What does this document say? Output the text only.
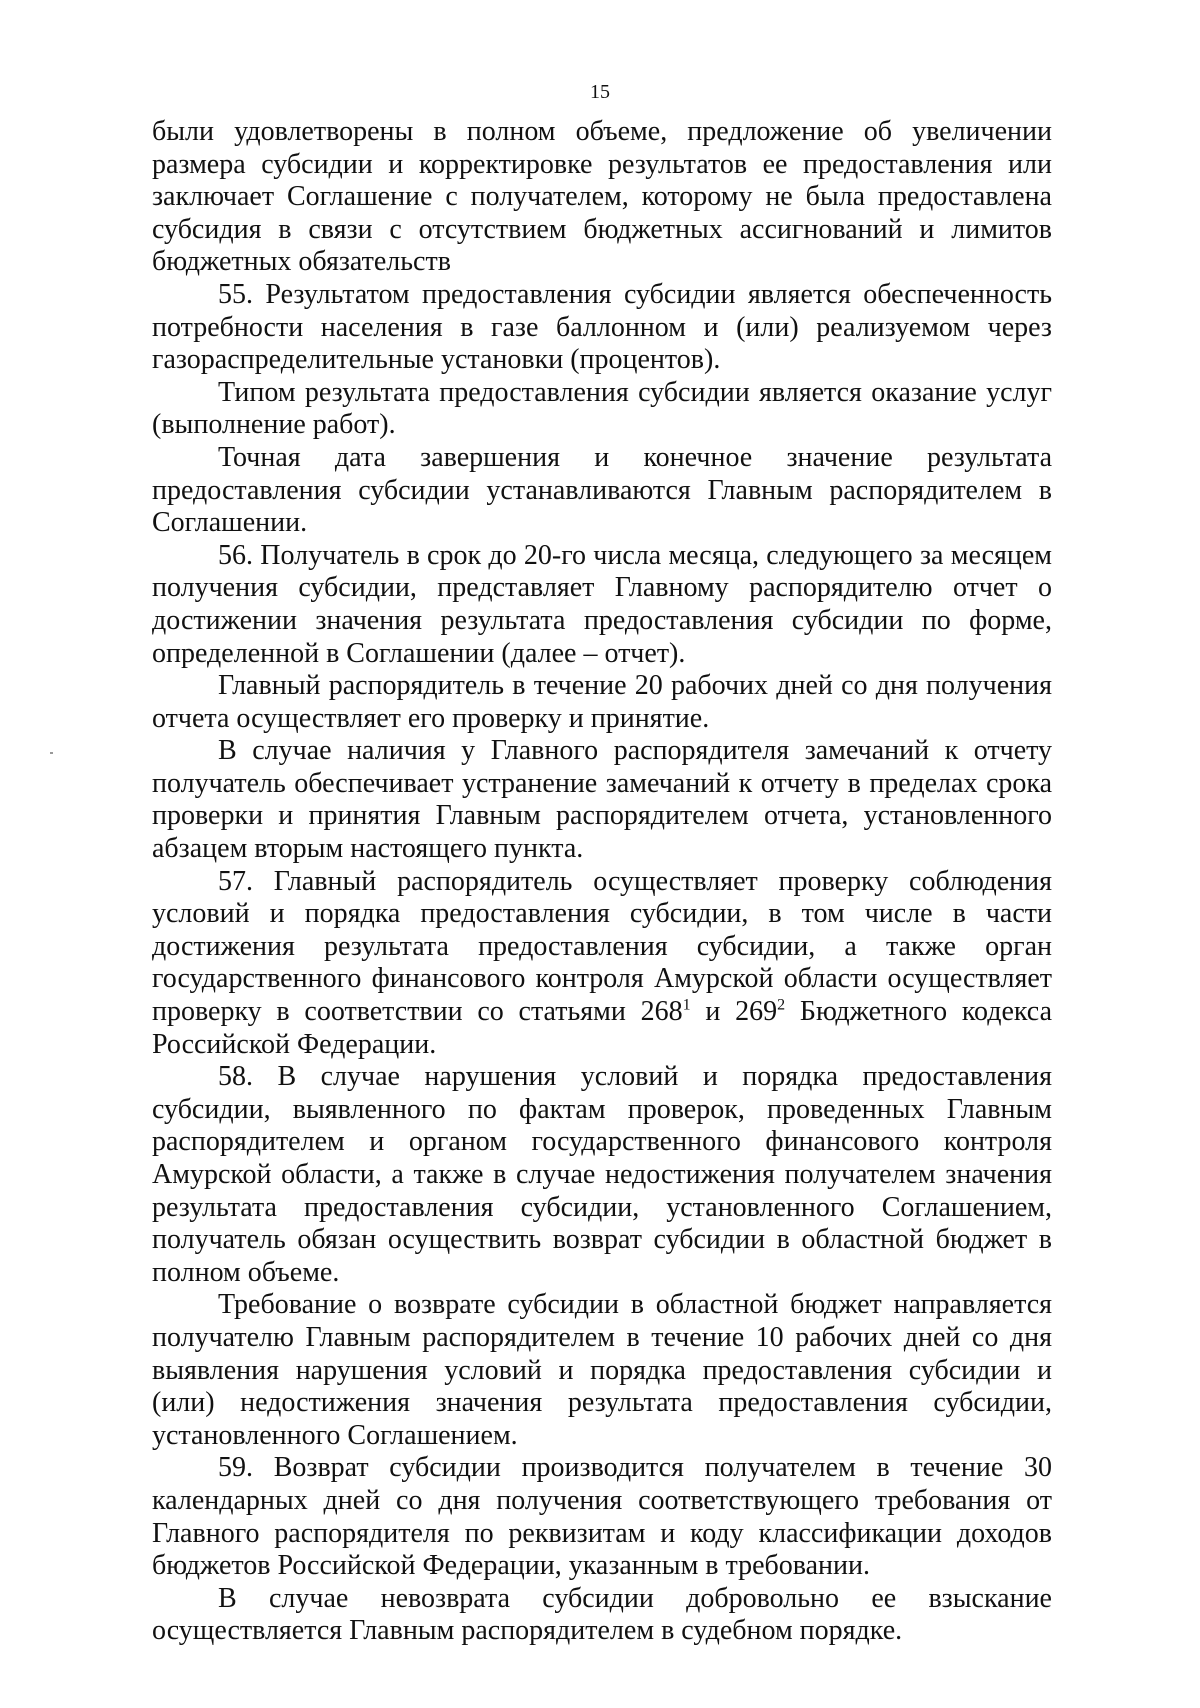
15

были удовлетворены в полном объеме, предложение об увеличении размера субсидии и корректировке результатов ее предоставления или заключает Соглашение с получателем, которому не была предоставлена субсидия в связи с отсутствием бюджетных ассигнований и лимитов бюджетных обязательств

55. Результатом предоставления субсидии является обеспеченность потребности населения в газе баллонном и (или) реализуемом через газораспределительные установки (процентов).

Типом результата предоставления субсидии является оказание услуг (выполнение работ).

Точная дата завершения и конечное значение результата предоставления субсидии устанавливаются Главным распорядителем в Соглашении.

56. Получатель в срок до 20-го числа месяца, следующего за месяцем получения субсидии, представляет Главному распорядителю отчет о достижении значения результата предоставления субсидии по форме, определенной в Соглашении (далее – отчет).

Главный распорядитель в течение 20 рабочих дней со дня получения отчета осуществляет его проверку и принятие.

В случае наличия у Главного распорядителя замечаний к отчету получатель обеспечивает устранение замечаний к отчету в пределах срока проверки и принятия Главным распорядителем отчета, установленного абзацем вторым настоящего пункта.

57. Главный распорядитель осуществляет проверку соблюдения условий и порядка предоставления субсидии, в том числе в части достижения результата предоставления субсидии, а также орган государственного финансового контроля Амурской области осуществляет проверку в соответствии со статьями $268^1$ и $269^2$ Бюджетного кодекса Российской Федерации.

58. В случае нарушения условий и порядка предоставления субсидии, выявленного по фактам проверок, проведенных Главным распорядителем и органом государственного финансового контроля Амурской области, а также в случае недостижения получателем значения результата предоставления субсидии, установленного Соглашением, получатель обязан осуществить возврат субсидии в областной бюджет в полном объеме.

Требование о возврате субсидии в областной бюджет направляется получателю Главным распорядителем в течение 10 рабочих дней со дня выявления нарушения условий и порядка предоставления субсидии и (или) недостижения значения результата предоставления субсидии, установленного Соглашением.

59. Возврат субсидии производится получателем в течение 30 календарных дней со дня получения соответствующего требования от Главного распорядителя по реквизитам и коду классификации доходов бюджетов Российской Федерации, указанным в требовании.

В случае невозврата субсидии добровольно ее взыскание осуществляется Главным распорядителем в судебном порядке.
